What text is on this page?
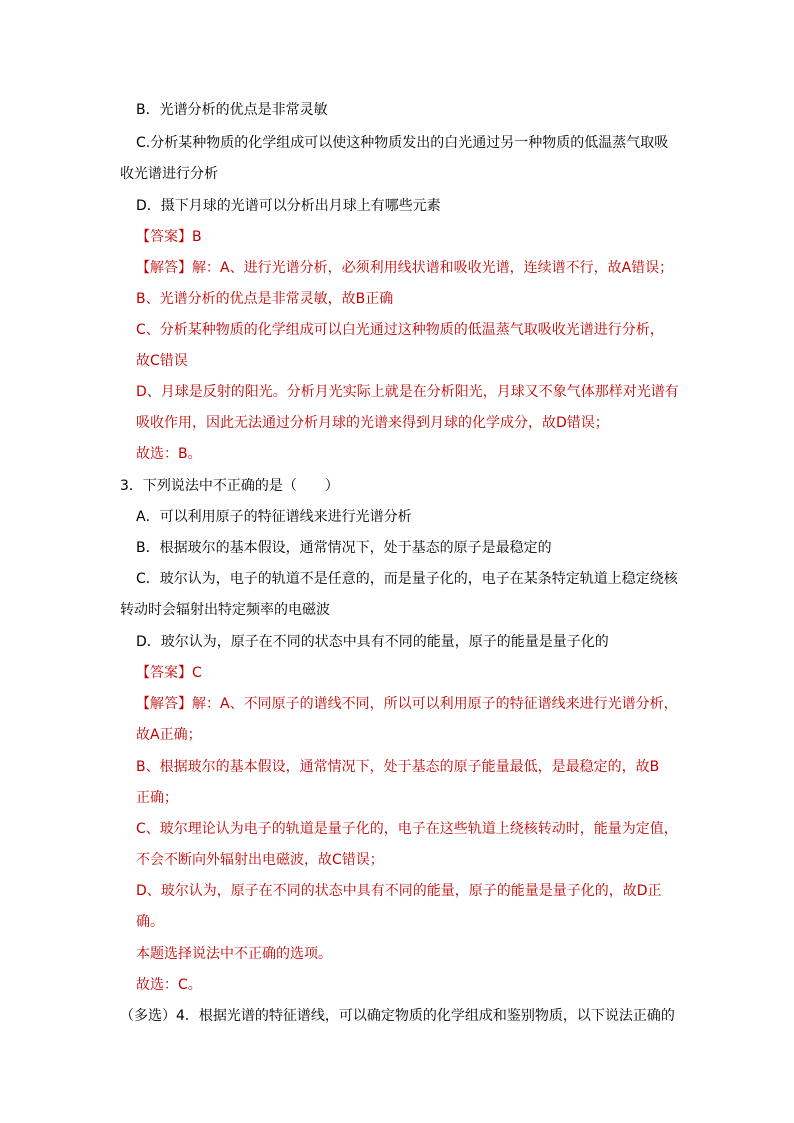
B．光谱分析的优点是非常灵敏
C.分析某种物质的化学组成可以使这种物质发出的白光通过另一种物质的低温蒸气取吸
收光谱进行分析
D．摄下月球的光谱可以分析出月球上有哪些元素
【答案】B
【解答】解：A、进行光谱分析，必须利用线状谱和吸收光谱，连续谱不行，故A错误；
B、光谱分析的优点是非常灵敏，故B正确
C、分析某种物质的化学组成可以白光通过这种物质的低温蒸气取吸收光谱进行分析，
故C错误
D、月球是反射的阳光。分析月光实际上就是在分析阳光，月球又不象气体那样对光谱有
吸收作用，因此无法通过分析月球的光谱来得到月球的化学成分，故D错误；
故选：B。
3．下列说法中不正确的是（　　）
A．可以利用原子的特征谱线来进行光谱分析
B．根据玻尔的基本假设，通常情况下，处于基态的原子是最稳定的
C．玻尔认为，电子的轨道不是任意的，而是量子化的，电子在某条特定轨道上稳定绕核
转动时会辐射出特定频率的电磁波
D．玻尔认为，原子在不同的状态中具有不同的能量，原子的能量是量子化的
【答案】C
【解答】解：A、不同原子的谱线不同，所以可以利用原子的特征谱线来进行光谱分析，
故A正确；
B、根据玻尔的基本假设，通常情况下，处于基态的原子能量最低，是最稳定的，故B
正确；
C、玻尔理论认为电子的轨道是量子化的，电子在这些轨道上绕核转动时，能量为定值，
不会不断向外辐射出电磁波，故C错误；
D、玻尔认为，原子在不同的状态中具有不同的能量，原子的能量是量子化的，故D正
确。
本题选择说法中不正确的选项。
故选：C。
（多选）4．根据光谱的特征谱线，可以确定物质的化学组成和鉴别物质，以下说法正确的
